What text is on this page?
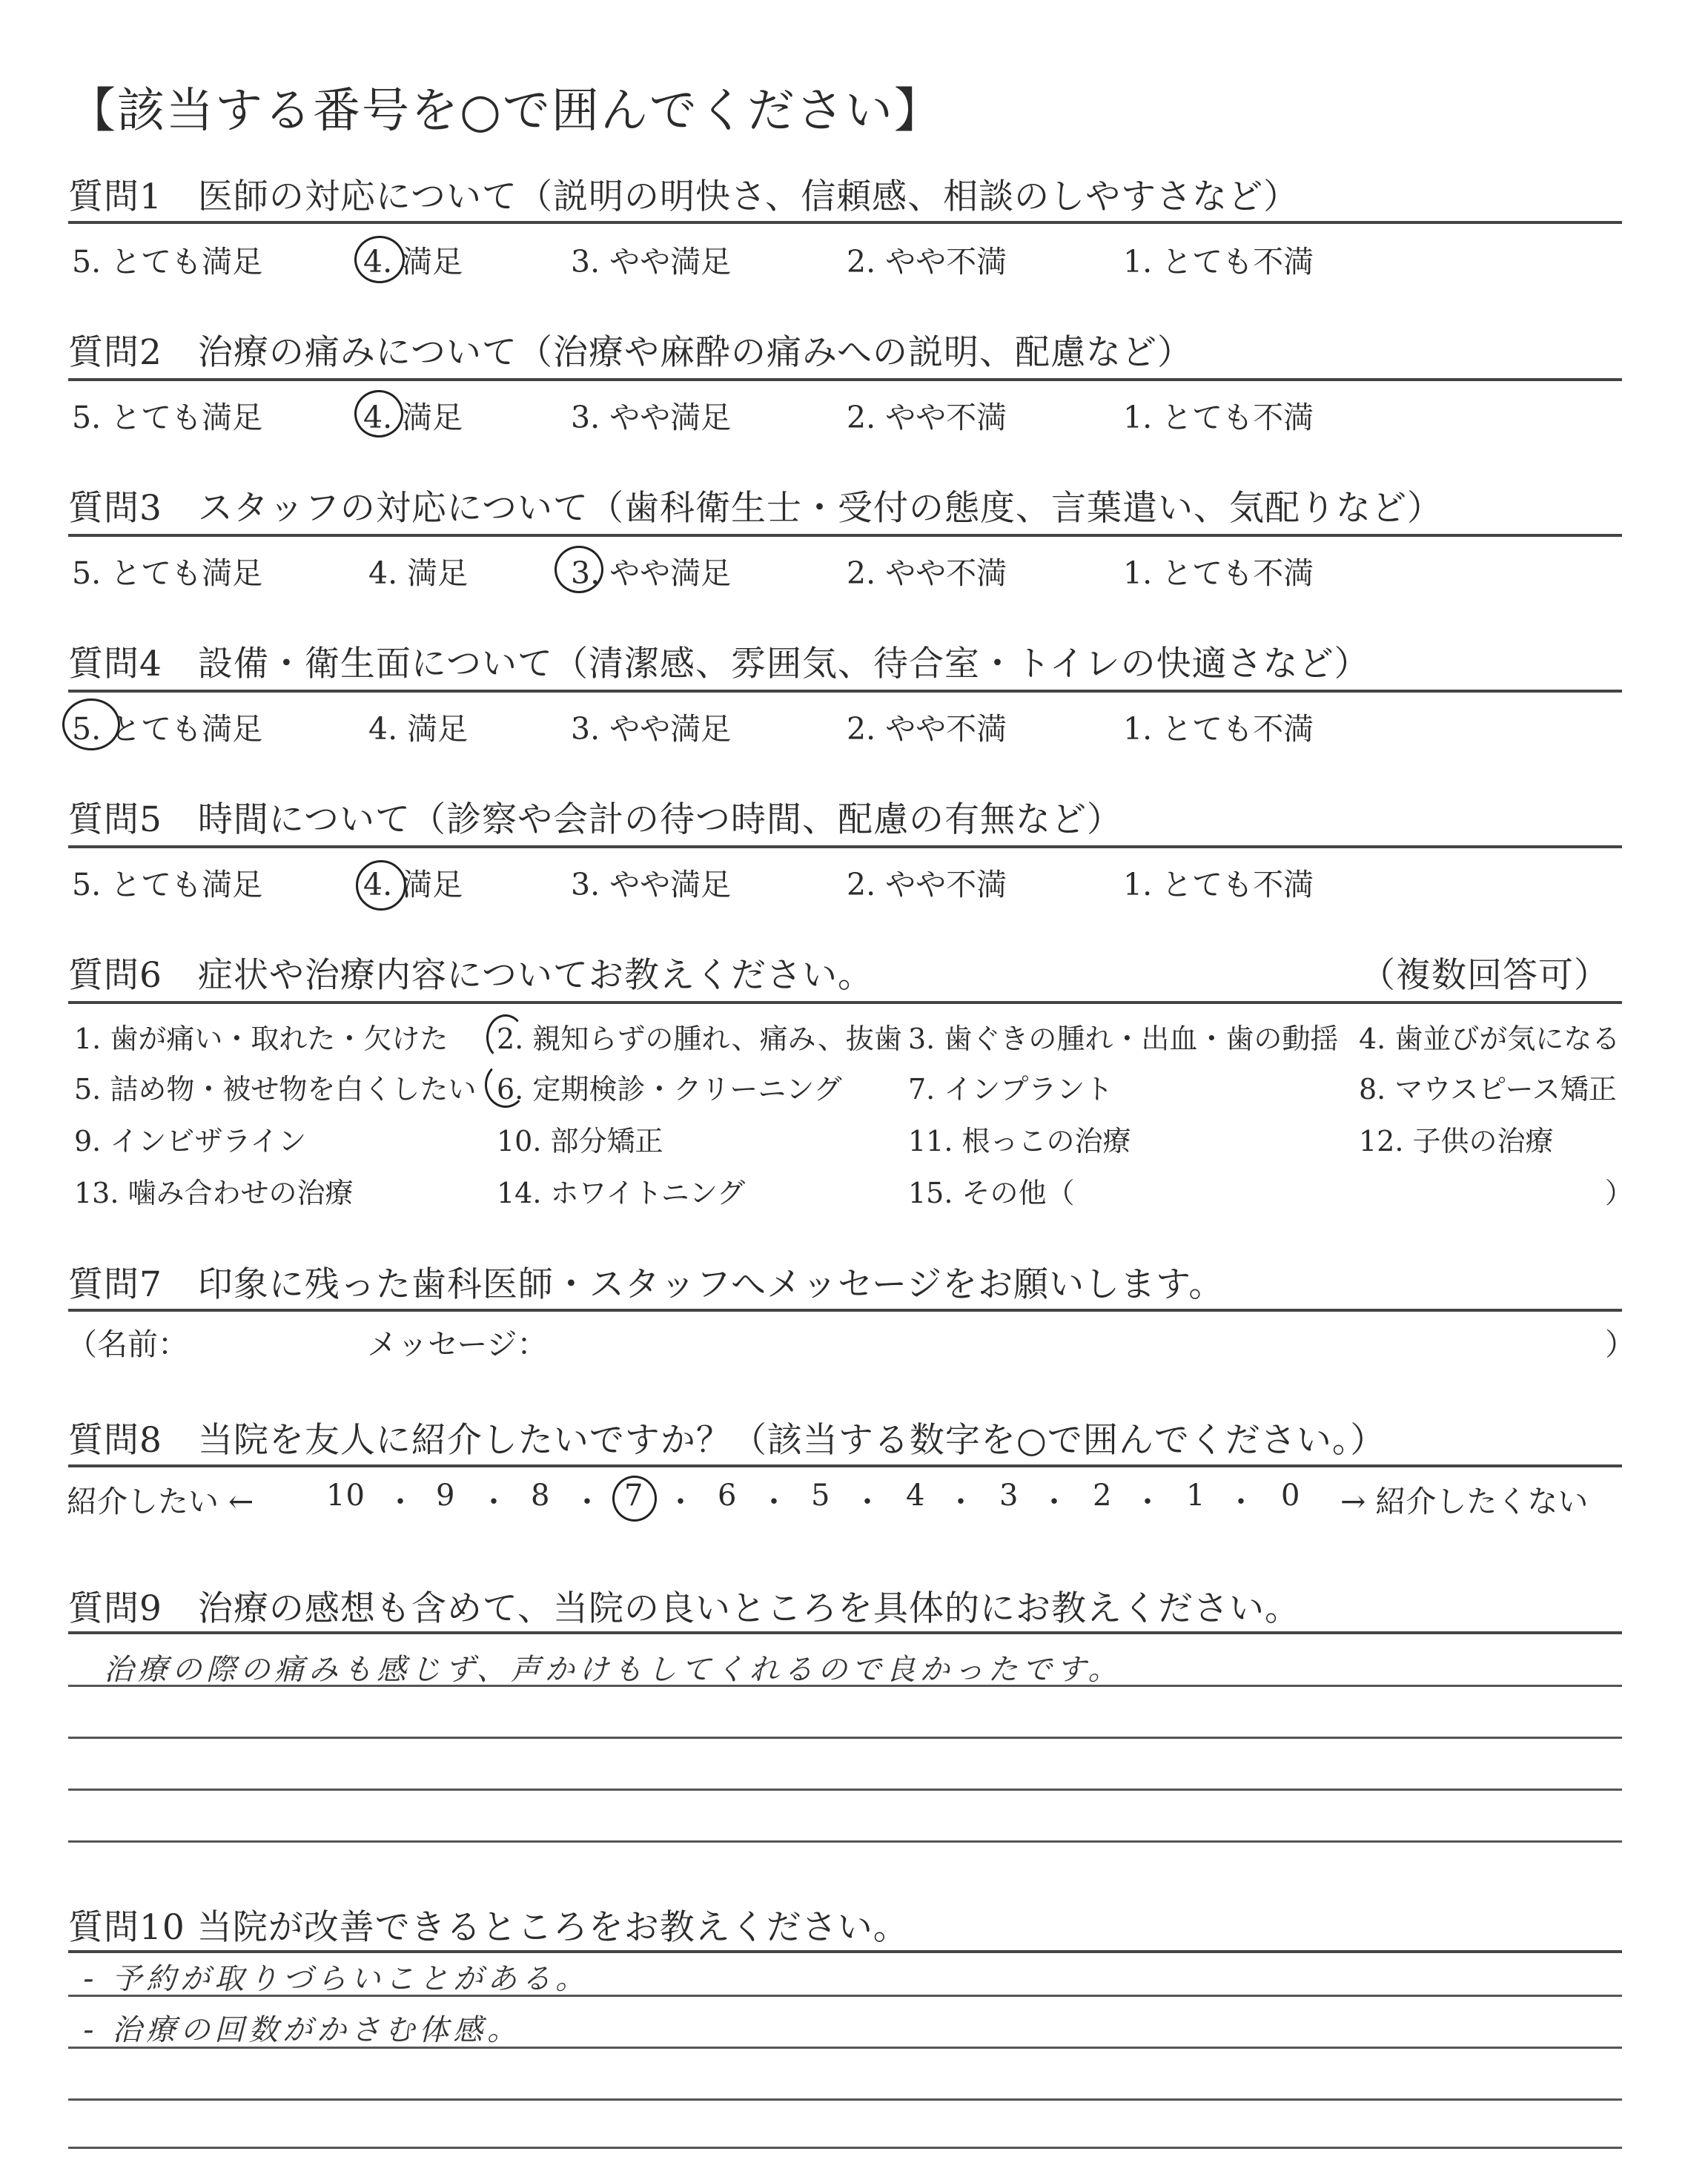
【該当する番号を○で囲んでください】
質問1　医師の対応について（説明の明快さ、信頼感、相談のしやすさなど）
5. とても満足	4. 満足	3. やや満足	2. やや不満	1. とても不満
質問2　治療の痛みについて（治療や麻酔の痛みへの説明、配慮など）
5. とても満足	4. 満足	3. やや満足	2. やや不満	1. とても不満
質問3　スタッフの対応について（歯科衛生士・受付の態度、言葉遣い、気配りなど）
5. とても満足	4. 満足	3. やや満足	2. やや不満	1. とても不満
質問4　設備・衛生面について（清潔感、雰囲気、待合室・トイレの快適さなど）
5. とても満足	4. 満足	3. やや満足	2. やや不満	1. とても不満
質問5　時間について（診察や会計の待つ時間、配慮の有無など）
5. とても満足	4. 満足	3. やや満足	2. やや不満	1. とても不満
質問6　症状や治療内容についてお教えください。	（複数回答可）
1. 歯が痛い・取れた・欠けた 2. 親知らずの腫れ、痛み、抜歯 3. 歯ぐきの腫れ・出血・歯の動揺 4. 歯並びが気になる
5. 詰め物・被せ物を白くしたい 6. 定期検診・クリーニング 7. インプラント	8. マウスピース矯正
9. インビザライン	10. 部分矯正	11. 根っこの治療	12. 子供の治療
13. 噛み合わせの治療	14. ホワイトニング	15. その他（	）
質問7　印象に残った歯科医師・スタッフへメッセージをお願いします。
（名前：	メッセージ：	）
質問8　当院を友人に紹介したいですか？（該当する数字を○で囲んでください。）
紹介したい ←	→ 紹介したくない
10 ・ 9 ・ 8 ・ 7 ・ 6 ・ 5 ・ 4 ・ 3 ・ 2 ・ 1 ・ 0
質問9　治療の感想も含めて、当院の良いところを具体的にお教えください。
治療の際の痛みも感じず、声かけもしてくれるので良かったです。
質問10 当院が改善できるところをお教えください。
- 予約が取りづらいことがある。
- 治療の回数がかさむ体感。
